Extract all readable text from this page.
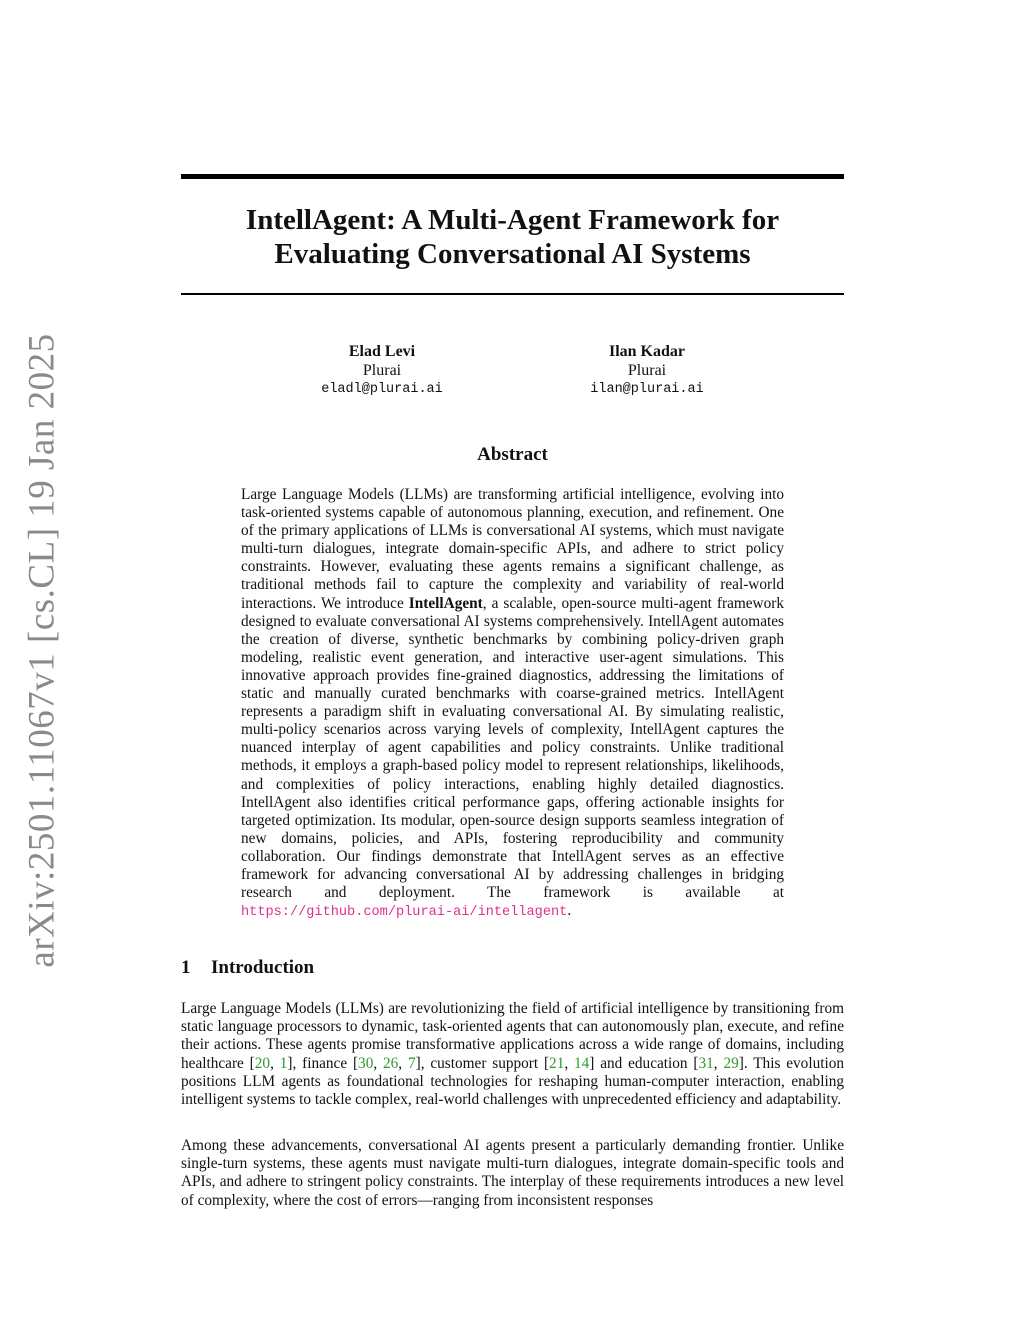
arXiv:2501.11067v1 [cs.CL] 19 Jan 2025
IntellAgent: A Multi-Agent Framework for Evaluating Conversational AI Systems
Elad Levi
Plurai
eladl@plurai.ai
Ilan Kadar
Plurai
ilan@plurai.ai
Abstract

Large Language Models (LLMs) are transforming artificial intelligence, evolving into task-oriented systems capable of autonomous planning, execution, and refinement. One of the primary applications of LLMs is conversational AI systems, which must navigate multi-turn dialogues, integrate domain-specific APIs, and adhere to strict policy constraints. However, evaluating these agents remains a significant challenge, as traditional methods fail to capture the complexity and variability of real-world interactions. We introduce IntellAgent, a scalable, open-source multi-agent framework designed to evaluate conversational AI systems comprehensively. IntellAgent automates the creation of diverse, synthetic benchmarks by combining policy-driven graph modeling, realistic event generation, and interactive user-agent simulations. This innovative approach provides fine-grained diagnostics, addressing the limitations of static and manually curated benchmarks with coarse-grained metrics. IntellAgent represents a paradigm shift in evaluating conversational AI. By simulating realistic, multi-policy scenarios across varying levels of complexity, IntellAgent captures the nuanced interplay of agent capabilities and policy constraints. Unlike traditional methods, it employs a graph-based policy model to represent relationships, likelihoods, and complexities of policy interactions, enabling highly detailed diagnostics. IntellAgent also identifies critical performance gaps, offering actionable insights for targeted optimization. Its modular, open-source design supports seamless integration of new domains, policies, and APIs, fostering reproducibility and community collaboration. Our findings demonstrate that IntellAgent serves as an effective framework for advancing conversational AI by addressing challenges in bridging research and deployment. The framework is available at https://github.com/plurai-ai/intellagent.

1 Introduction

Large Language Models (LLMs) are revolutionizing the field of artificial intelligence by transitioning from static language processors to dynamic, task-oriented agents that can autonomously plan, execute, and refine their actions. These agents promise transformative applications across a wide range of domains, including healthcare [20, 1], finance [30, 26, 7], customer support [21, 14] and education [31, 29]. This evolution positions LLM agents as foundational technologies for reshaping human-computer interaction, enabling intelligent systems to tackle complex, real-world challenges with unprecedented efficiency and adaptability.

Among these advancements, conversational AI agents present a particularly demanding frontier. Unlike single-turn systems, these agents must navigate multi-turn dialogues, integrate domain-specific tools and APIs, and adhere to stringent policy constraints. The interplay of these requirements introduces a new level of complexity, where the cost of errors—ranging from inconsistent responses
